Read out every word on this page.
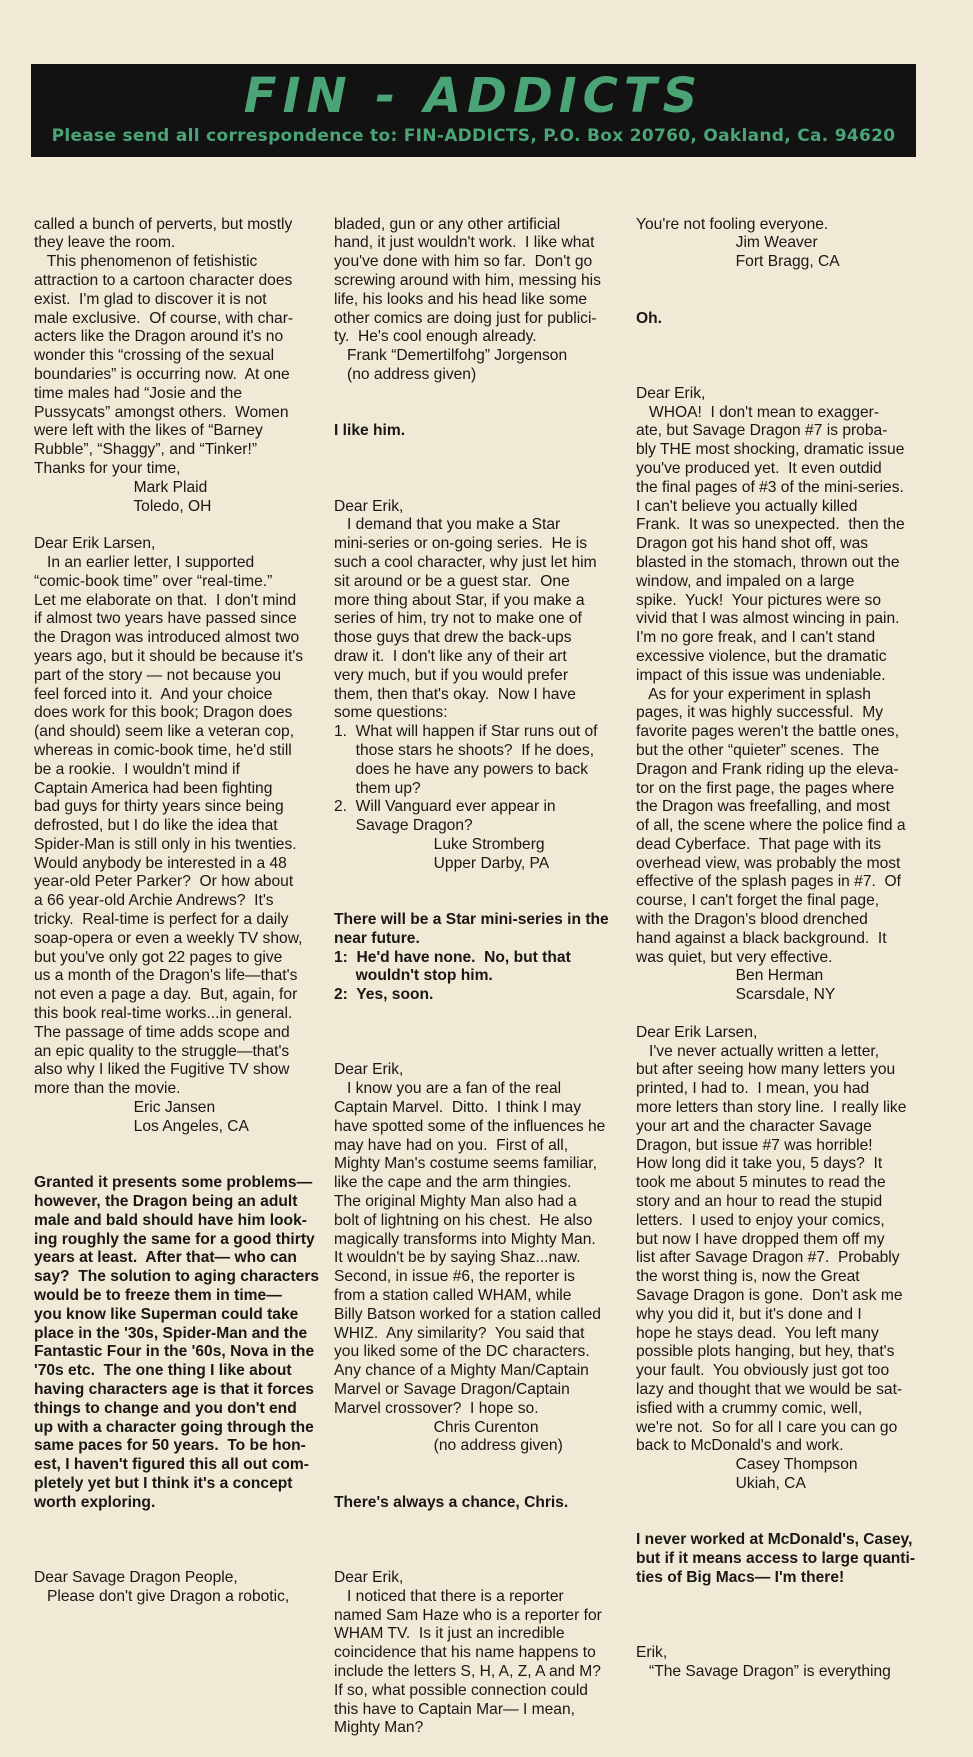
FIN - ADDICTS
Please send all correspondence to: FIN-ADDICTS, P.O. Box 20760, Oakland, Ca. 94620

called a bunch of perverts, but mostly
they leave the room.
This phenomenon of fetishistic
attraction to a cartoon character does
exist.  I'm glad to discover it is not
male exclusive.  Of course, with char-
acters like the Dragon around it's no
wonder this “crossing of the sexual
boundaries” is occurring now.  At one
time males had “Josie and the
Pussycats” amongst others.  Women
were left with the likes of “Barney
Rubble”, “Shaggy”, and “Tinker!”
Thanks for your time,
Mark Plaid
Toledo, OH

Dear Erik Larsen,
In an earlier letter, I supported
“comic-book time” over “real-time.”
Let me elaborate on that.  I don't mind
if almost two years have passed since
the Dragon was introduced almost two
years ago, but it should be because it's
part of the story — not because you
feel forced into it.  And your choice
does work for this book; Dragon does
(and should) seem like a veteran cop,
whereas in comic-book time, he'd still
be a rookie.  I wouldn't mind if
Captain America had been fighting
bad guys for thirty years since being
defrosted, but I do like the idea that
Spider-Man is still only in his twenties.
Would anybody be interested in a 48
year-old Peter Parker?  Or how about
a 66 year-old Archie Andrews?  It's
tricky.  Real-time is perfect for a daily
soap-opera or even a weekly TV show,
but you've only got 22 pages to give
us a month of the Dragon's life—that's
not even a page a day.  But, again, for
this book real-time works...in general.
The passage of time adds scope and
an epic quality to the struggle—that's
also why I liked the Fugitive TV show
more than the movie.
Eric Jansen
Los Angeles, CA

Granted it presents some problems—
however, the Dragon being an adult
male and bald should have him look-
ing roughly the same for a good thirty
years at least.  After that— who can
say?  The solution to aging characters
would be to freeze them in time—
you know like Superman could take
place in the '30s, Spider-Man and the
Fantastic Four in the '60s, Nova in the
'70s etc.  The one thing I like about
having characters age is that it forces
things to change and you don't end
up with a character going through the
same paces for 50 years.  To be hon-
est, I haven't figured this all out com-
pletely yet but I think it's a concept
worth exploring.

Dear Savage Dragon People,
Please don't give Dragon a robotic,

bladed, gun or any other artificial
hand, it just wouldn't work.  I like what
you've done with him so far.  Don't go
screwing around with him, messing his
life, his looks and his head like some
other comics are doing just for publici-
ty.  He's cool enough already.
Frank “Demertilfohg” Jorgenson
(no address given)

I like him.

Dear Erik,
I demand that you make a Star
mini-series or on-going series.  He is
such a cool character, why just let him
sit around or be a guest star.  One
more thing about Star, if you make a
series of him, try not to make one of
those guys that drew the back-ups
draw it.  I don't like any of their art
very much, but if you would prefer
them, then that's okay.  Now I have
some questions:
1.  What will happen if Star runs out of
those stars he shoots?  If he does,
does he have any powers to back
them up?
2.  Will Vanguard ever appear in
Savage Dragon?
Luke Stromberg
Upper Darby, PA

There will be a Star mini-series in the
near future.
1:  He'd have none.  No, but that
wouldn't stop him.
2:  Yes, soon.

Dear Erik,
I know you are a fan of the real
Captain Marvel.  Ditto.  I think I may
have spotted some of the influences he
may have had on you.  First of all,
Mighty Man's costume seems familiar,
like the cape and the arm thingies.
The original Mighty Man also had a
bolt of lightning on his chest.  He also
magically transforms into Mighty Man.
It wouldn't be by saying Shaz...naw.
Second, in issue #6, the reporter is
from a station called WHAM, while
Billy Batson worked for a station called
WHIZ.  Any similarity?  You said that
you liked some of the DC characters.
Any chance of a Mighty Man/Captain
Marvel or Savage Dragon/Captain
Marvel crossover?  I hope so.
Chris Curenton
(no address given)

There's always a chance, Chris.

Dear Erik,
I noticed that there is a reporter
named Sam Haze who is a reporter for
WHAM TV.  Is it just an incredible
coincidence that his name happens to
include the letters S, H, A, Z, A and M?
If so, what possible connection could
this have to Captain Mar— I mean,
Mighty Man?

You're not fooling everyone.
Jim Weaver
Fort Bragg, CA

Oh.

Dear Erik,
WHOA!  I don't mean to exagger-
ate, but Savage Dragon #7 is proba-
bly THE most shocking, dramatic issue
you've produced yet.  It even outdid
the final pages of #3 of the mini-series.
I can't believe you actually killed
Frank.  It was so unexpected.  then the
Dragon got his hand shot off, was
blasted in the stomach, thrown out the
window, and impaled on a large
spike.  Yuck!  Your pictures were so
vivid that I was almost wincing in pain.
I'm no gore freak, and I can't stand
excessive violence, but the dramatic
impact of this issue was undeniable.
As for your experiment in splash
pages, it was highly successful.  My
favorite pages weren't the battle ones,
but the other “quieter” scenes.  The
Dragon and Frank riding up the eleva-
tor on the first page, the pages where
the Dragon was freefalling, and most
of all, the scene where the police find a
dead Cyberface.  That page with its
overhead view, was probably the most
effective of the splash pages in #7.  Of
course, I can't forget the final page,
with the Dragon's blood drenched
hand against a black background.  It
was quiet, but very effective.
Ben Herman
Scarsdale, NY

Dear Erik Larsen,
I've never actually written a letter,
but after seeing how many letters you
printed, I had to.  I mean, you had
more letters than story line.  I really like
your art and the character Savage
Dragon, but issue #7 was horrible!
How long did it take you, 5 days?  It
took me about 5 minutes to read the
story and an hour to read the stupid
letters.  I used to enjoy your comics,
but now I have dropped them off my
list after Savage Dragon #7.  Probably
the worst thing is, now the Great
Savage Dragon is gone.  Don't ask me
why you did it, but it's done and I
hope he stays dead.  You left many
possible plots hanging, but hey, that's
your fault.  You obviously just got too
lazy and thought that we would be sat-
isfied with a crummy comic, well,
we're not.  So for all I care you can go
back to McDonald's and work.
Casey Thompson
Ukiah, CA

I never worked at McDonald's, Casey,
but if it means access to large quanti-
ties of Big Macs— I'm there!

Erik,
“The Savage Dragon” is everything
